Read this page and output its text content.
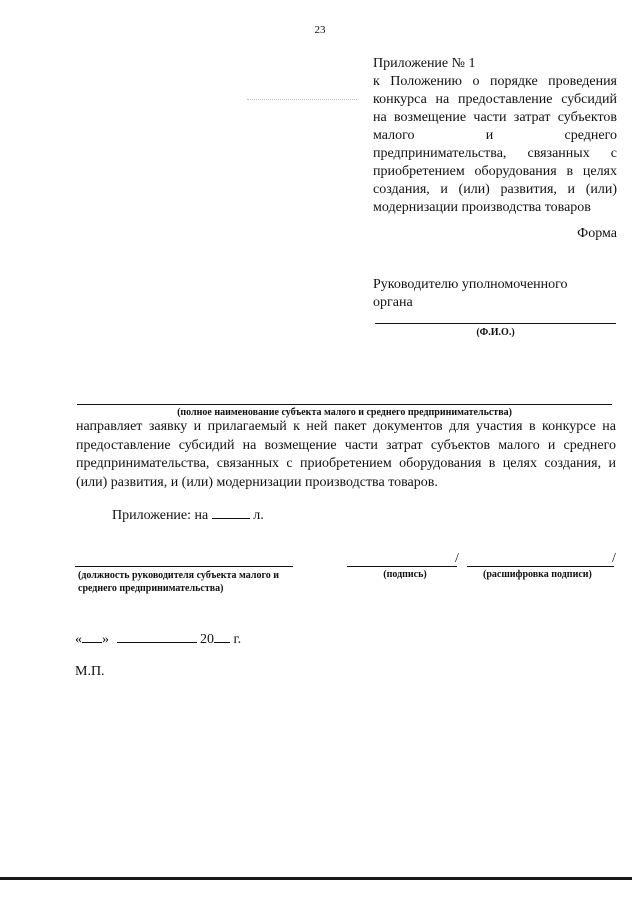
23
Приложение № 1
к Положению о порядке проведения конкурса на предоставление субсидий на возмещение части затрат субъектов малого и среднего предпринимательства, связанных с приобретением оборудования в целях создания, и (или) развития, и (или) модернизации производства товаров
Форма
Руководителю уполномоченного органа
(Ф.И.О.)
(полное наименование субъекта малого и среднего предпринимательства)
направляет заявку и прилагаемый к ней пакет документов для участия в конкурсе на предоставление субсидий на возмещение части затрат субъектов малого и среднего предпринимательства, связанных с приобретением оборудования в целях создания, и (или) развития, и (или) модернизации производства товаров.
Приложение: на	л.
(должность руководителя субъекта малого и среднего предпринимательства)
/	/
(подпись)	(расшифровка подписи)
« »	20 г.
М.П.
